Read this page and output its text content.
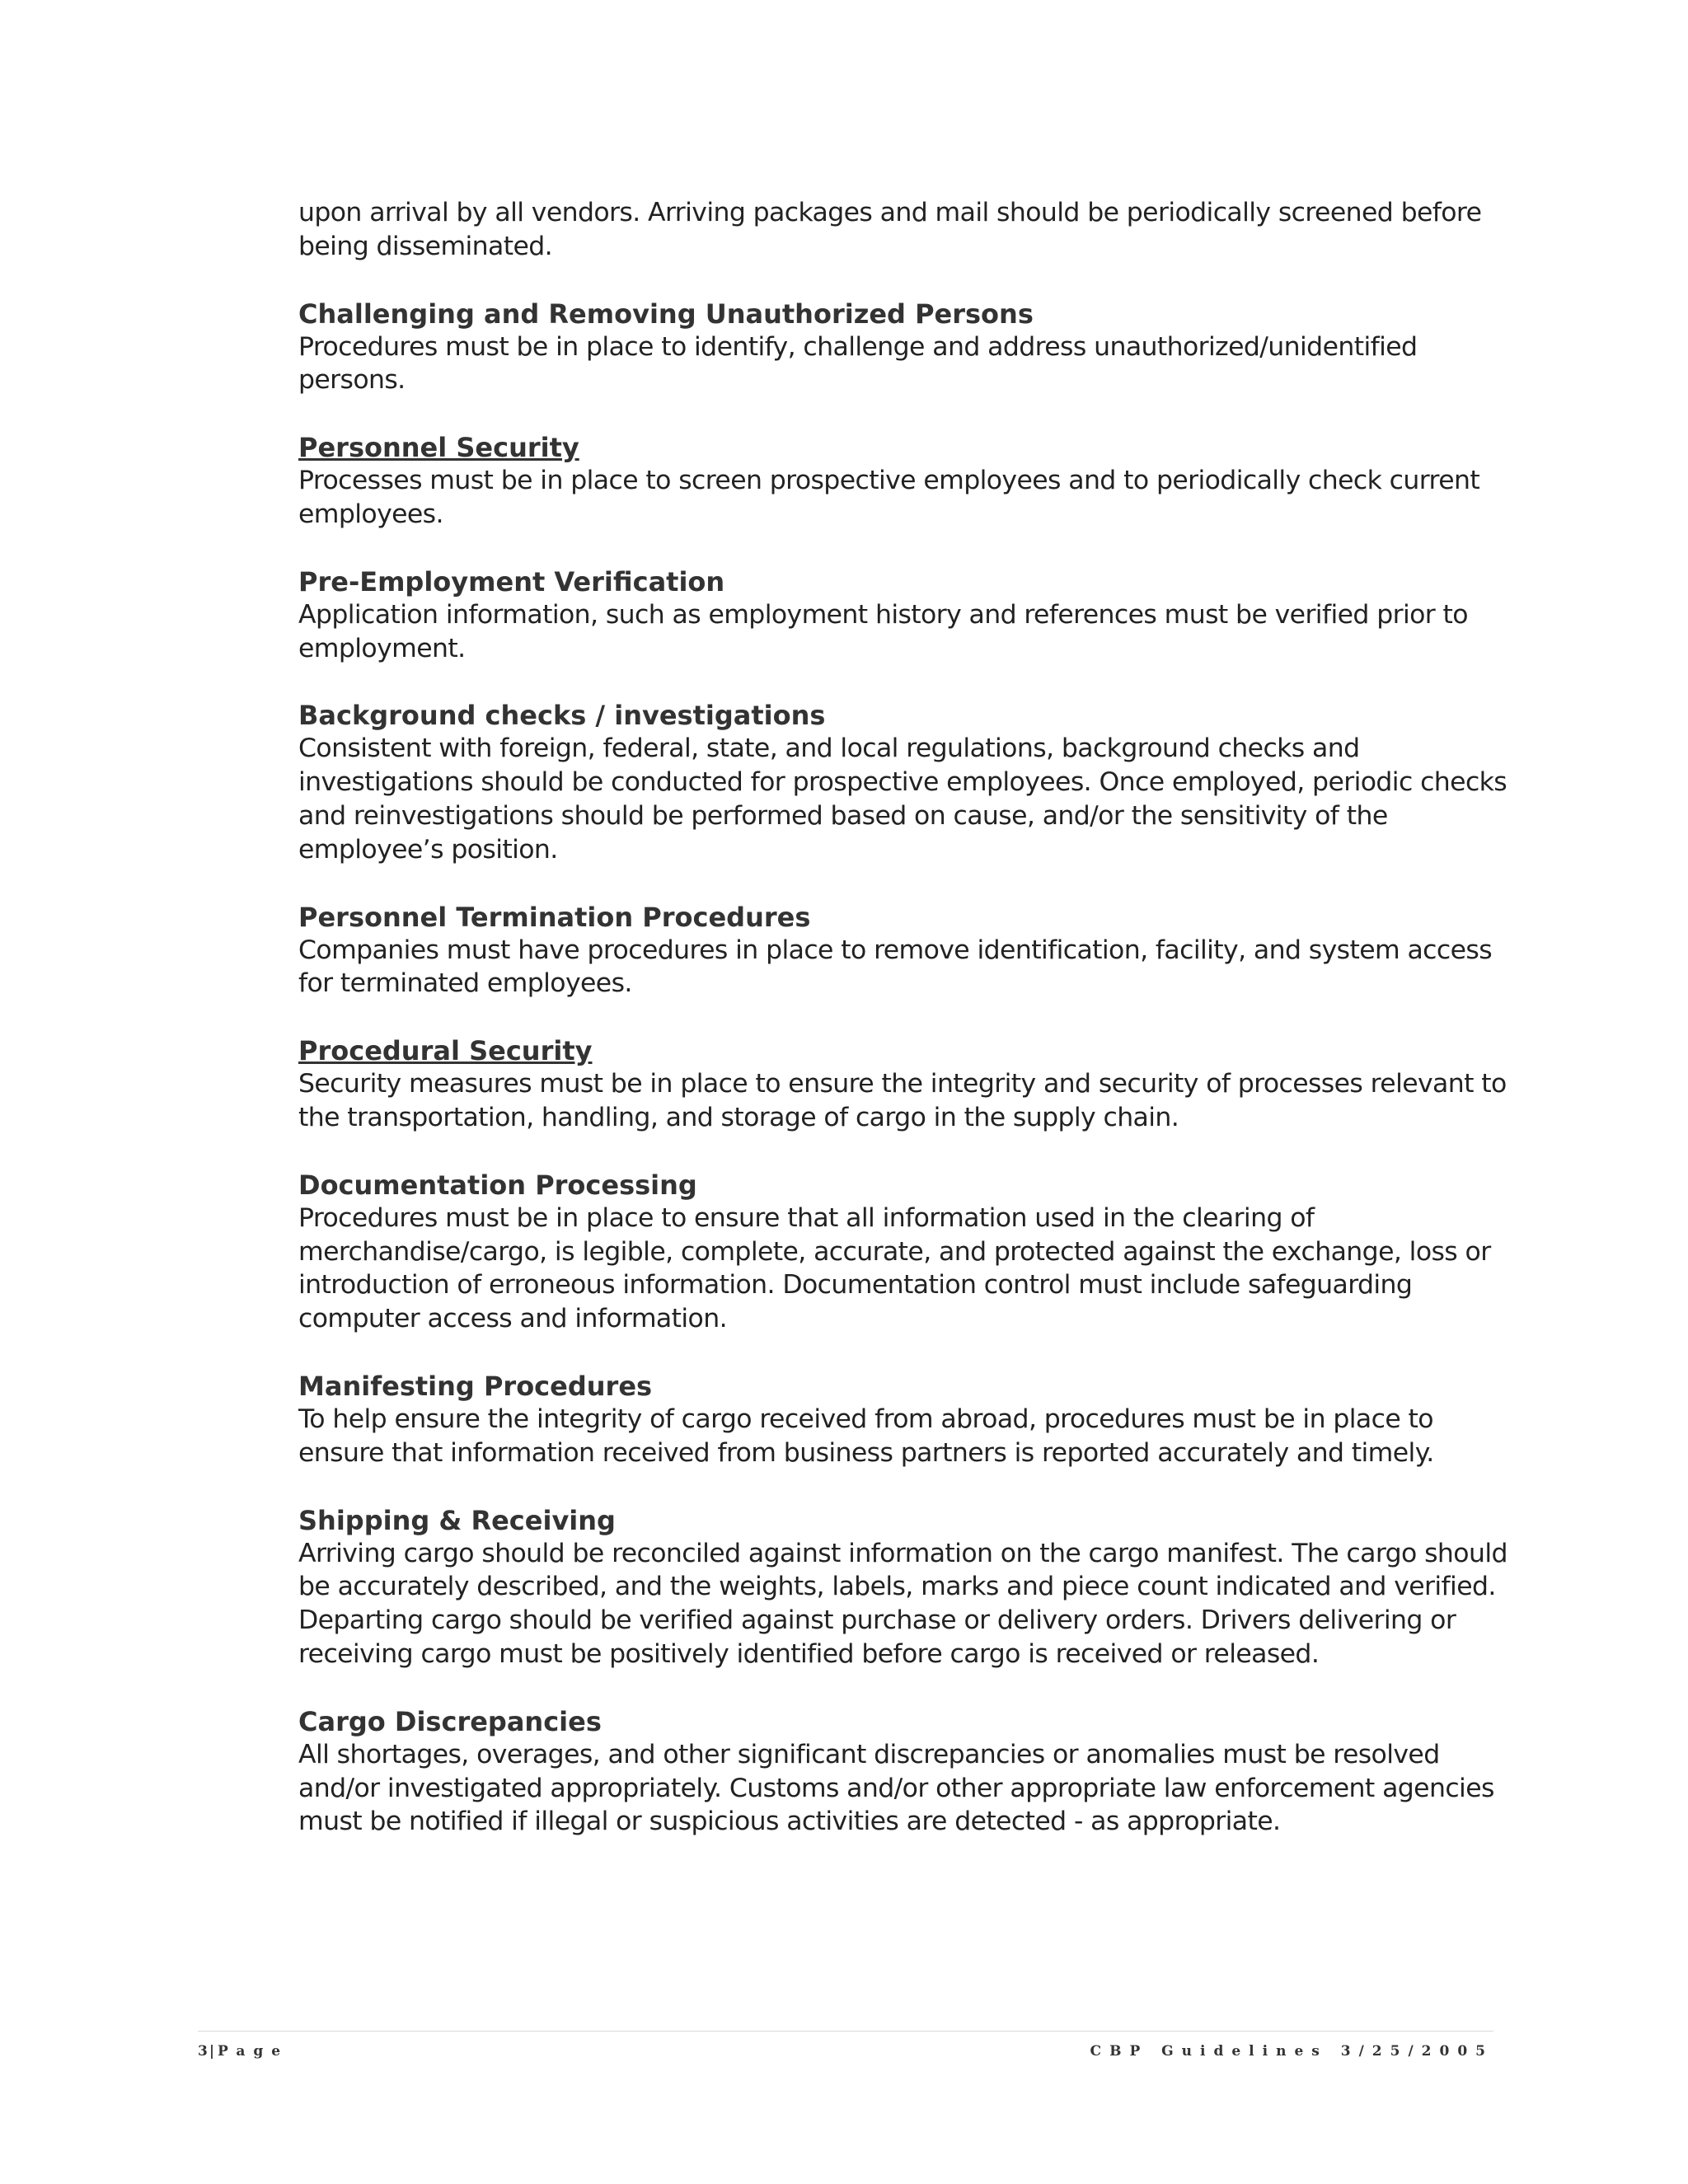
upon arrival by all vendors. Arriving packages and mail should be periodically screened before being disseminated.

Challenging and Removing Unauthorized Persons

Procedures must be in place to identify, challenge and address unauthorized/unidentified persons.

Personnel Security

Processes must be in place to screen prospective employees and to periodically check current employees.

Pre-Employment Verification

Application information, such as employment history and references must be verified prior to employment.

Background checks / investigations

Consistent with foreign, federal, state, and local regulations, background checks and investigations should be conducted for prospective employees. Once employed, periodic checks and reinvestigations should be performed based on cause, and/or the sensitivity of the employee’s position.

Personnel Termination Procedures

Companies must have procedures in place to remove identification, facility, and system access for terminated employees.

Procedural Security

Security measures must be in place to ensure the integrity and security of processes relevant to the transportation, handling, and storage of cargo in the supply chain.

Documentation Processing

Procedures must be in place to ensure that all information used in the clearing of merchandise/cargo, is legible, complete, accurate, and protected against the exchange, loss or introduction of erroneous information. Documentation control must include safeguarding computer access and information.

Manifesting Procedures

To help ensure the integrity of cargo received from abroad, procedures must be in place to ensure that information received from business partners is reported accurately and timely.

Shipping & Receiving

Arriving cargo should be reconciled against information on the cargo manifest. The cargo should be accurately described, and the weights, labels, marks and piece count indicated and verified. Departing cargo should be verified against purchase or delivery orders. Drivers delivering or receiving cargo must be positively identified before cargo is received or released.

Cargo Discrepancies

All shortages, overages, and other significant discrepancies or anomalies must be resolved and/or investigated appropriately. Customs and/or other appropriate law enforcement agencies must be notified if illegal or suspicious activities are detected - as appropriate.

3 | Page	CBP Guidelines 3/25/2005
